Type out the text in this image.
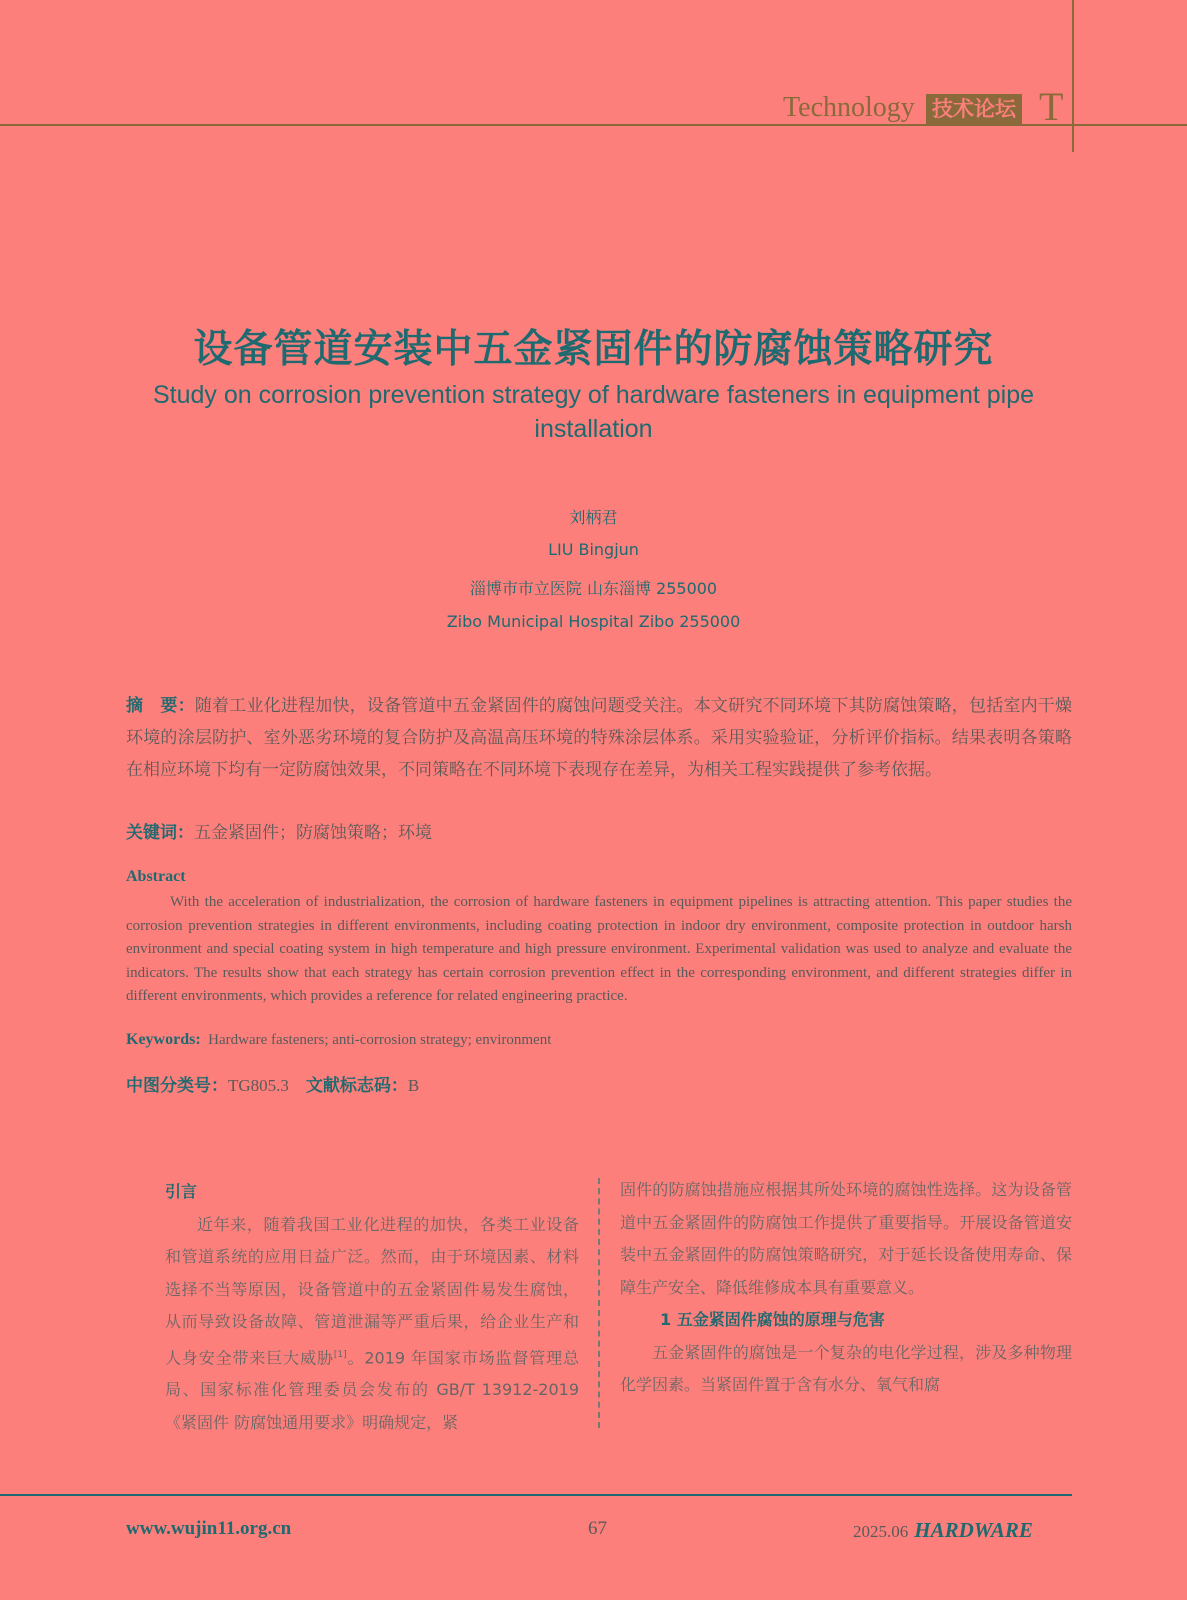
Technology 技术论坛 T
设备管道安装中五金紧固件的防腐蚀策略研究
Study on corrosion prevention strategy of hardware fasteners in equipment pipe installation
刘柄君
LIU Bingjun
淄博市市立医院 山东淄博 255000
Zibo Municipal Hospital Zibo 255000
摘　要：随着工业化进程加快，设备管道中五金紧固件的腐蚀问题受关注。本文研究不同环境下其防腐蚀策略，包括室内干燥环境的涂层防护、室外恶劣环境的复合防护及高温高压环境的特殊涂层体系。采用实验验证，分析评价指标。结果表明各策略在相应环境下均有一定防腐蚀效果，不同策略在不同环境下表现存在差异，为相关工程实践提供了参考依据。
关键词：五金紧固件；防腐蚀策略；环境
Abstract
With the acceleration of industrialization, the corrosion of hardware fasteners in equipment pipelines is attracting attention. This paper studies the corrosion prevention strategies in different environments, including coating protection in indoor dry environment, composite protection in outdoor harsh environment and special coating system in high temperature and high pressure environment. Experimental validation was used to analyze and evaluate the indicators. The results show that each strategy has certain corrosion prevention effect in the corresponding environment, and different strategies differ in different environments, which provides a reference for related engineering practice.
Keywords: Hardware fasteners; anti-corrosion strategy; environment
中图分类号：TG805.3 文献标志码：B
引言
近年来，随着我国工业化进程的加快，各类工业设备和管道系统的应用日益广泛。然而，由于环境因素、材料选择不当等原因，设备管道中的五金紧固件易发生腐蚀，从而导致设备故障、管道泄漏等严重后果，给企业生产和人身安全带来巨大威胁[1]。2019 年国家市场监督管理总局、国家标准化管理委员会发布的 GB/T 13912-2019《紧固件 防腐蚀通用要求》明确规定，紧
固件的防腐蚀措施应根据其所处环境的腐蚀性选择。这为设备管道中五金紧固件的防腐蚀工作提供了重要指导。开展设备管道安装中五金紧固件的防腐蚀策略研究，对于延长设备使用寿命、保障生产安全、降低维修成本具有重要意义。
1 五金紧固件腐蚀的原理与危害
五金紧固件的腐蚀是一个复杂的电化学过程，涉及多种物理化学因素。当紧固件置于含有水分、氧气和腐
www.wujin11.org.cn	67	2025.06 HARDWARE
